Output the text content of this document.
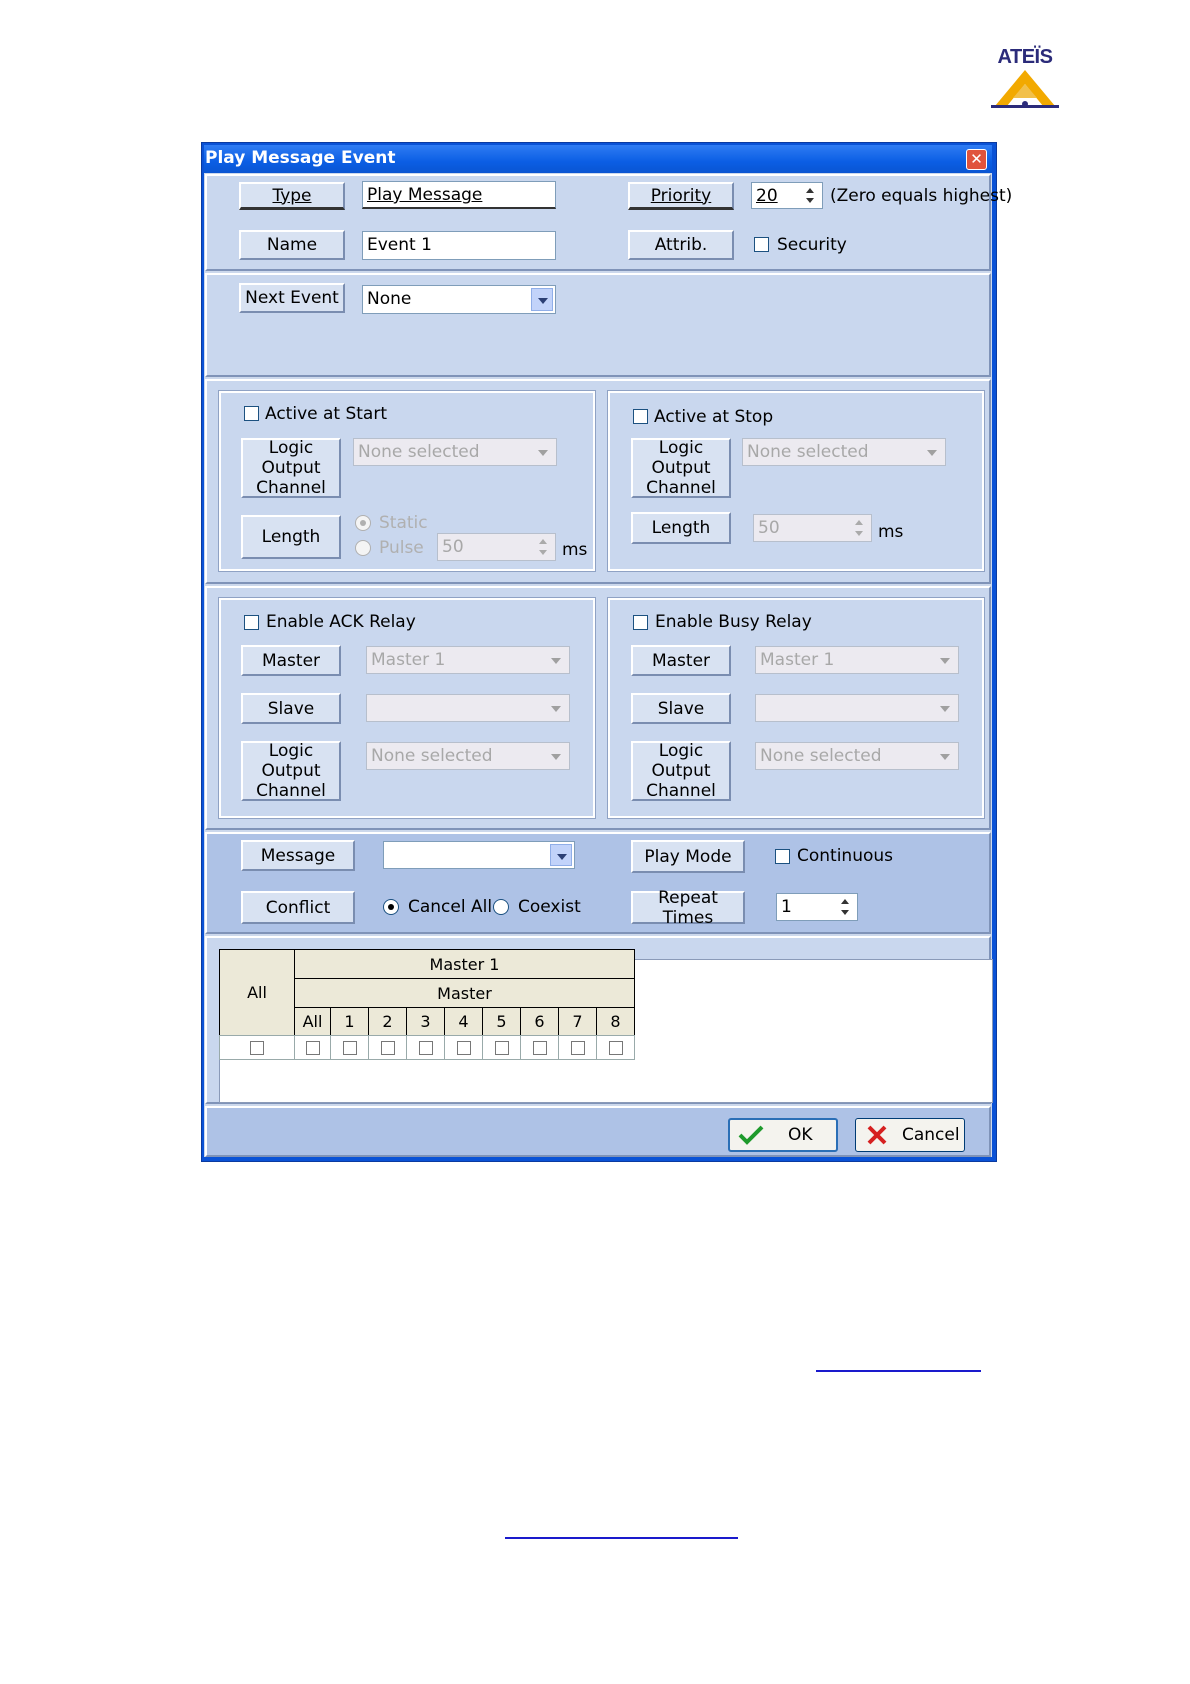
ATEÏS
Play Message Event	✕
Type	Play Message	Priority	20	(Zero equals highest)
Name	Event 1	Attrib.	Security
Next Event None
Active at Start
Logic Output
Channel
None selected
Length
Static
Pulse 50	ms
Active at Stop
Logic Output
Channel
None selected
Length	50	ms
Enable ACK Relay
Master	Master 1
Slave
Logic Output
Channel
None selected
Enable Busy Relay
Master	Master 1
Slave
Logic Output
Channel
None selected
Message	Play Mode	Continuous
Conflict	Cancel All Coexist	Repeat Times
1
All
Master 1
Master
All	1	2	3	4	5	6	7	8
OK	Cancel
